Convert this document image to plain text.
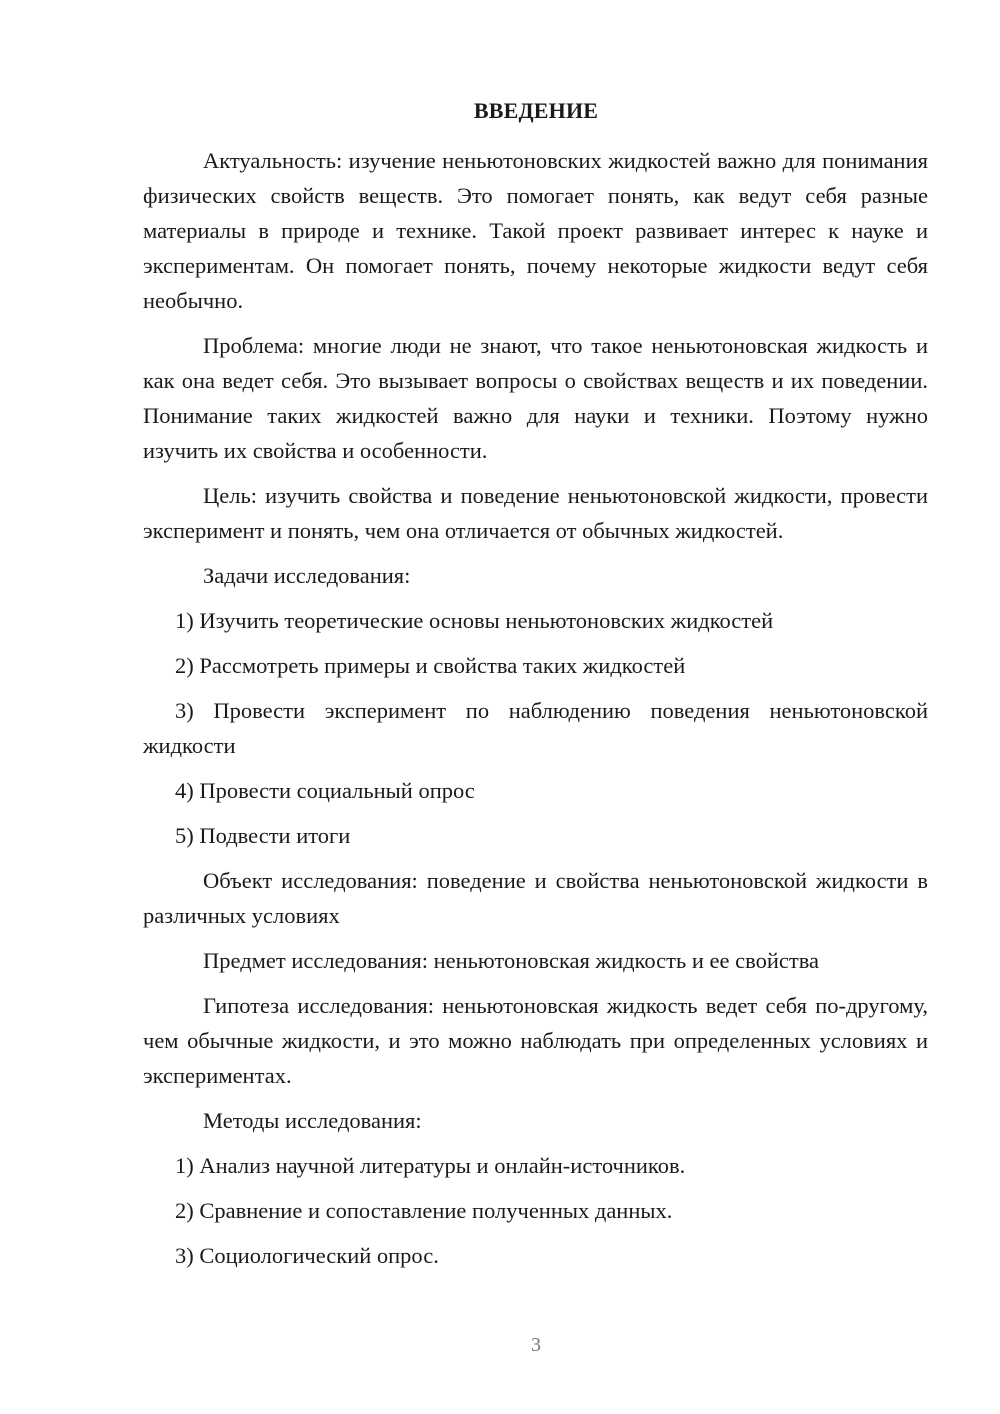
ВВЕДЕНИЕ

Актуальность: изучение неньютоновских жидкостей важно для понимания физических свойств веществ. Это помогает понять, как ведут себя разные материалы в природе и технике. Такой проект развивает интерес к науке и экспериментам. Он помогает понять, почему некоторые жидкости ведут себя необычно.

Проблема: многие люди не знают, что такое неньютоновская жидкость и как она ведет себя. Это вызывает вопросы о свойствах веществ и их поведении. Понимание таких жидкостей важно для науки и техники. Поэтому нужно изучить их свойства и особенности.

Цель: изучить свойства и поведение неньютоновской жидкости, провести эксперимент и понять, чем она отличается от обычных жидкостей.

Задачи исследования:

1) Изучить теоретические основы неньютоновских жидкостей

2) Рассмотреть примеры и свойства таких жидкостей

3) Провести эксперимент по наблюдению поведения неньютоновской жидкости

4) Провести социальный опрос

5) Подвести итоги

Объект исследования: поведение и свойства неньютоновской жидкости в различных условиях

Предмет исследования: неньютоновская жидкость и ее свойства

Гипотеза исследования: неньютоновская жидкость ведет себя по-другому, чем обычные жидкости, и это можно наблюдать при определенных условиях и экспериментах.

Методы исследования:

1) Анализ научной литературы и онлайн-источников.

2) Сравнение и сопоставление полученных данных.

3) Социологический опрос.

3
